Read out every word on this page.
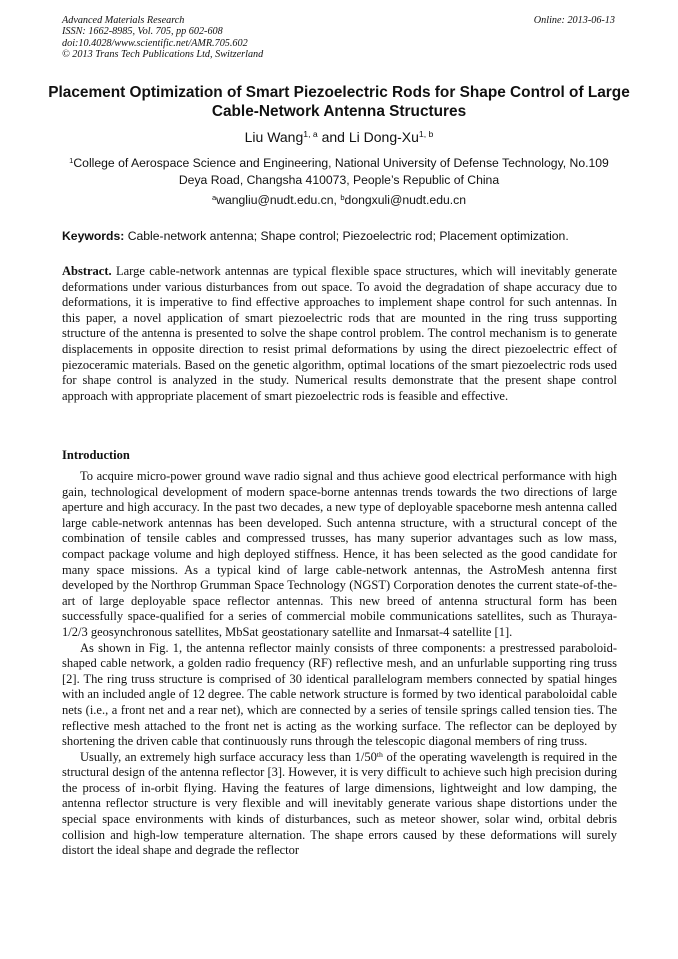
Advanced Materials Research
ISSN: 1662-8985, Vol. 705, pp 602-608
doi:10.4028/www.scientific.net/AMR.705.602
© 2013 Trans Tech Publications Ltd, Switzerland
Online: 2013-06-13
Placement Optimization of Smart Piezoelectric Rods for Shape Control of Large Cable-Network Antenna Structures
Liu Wang$^{1, a}$ and Li Dong-Xu$^{1, b}$
$^1$College of Aerospace Science and Engineering, National University of Defense Technology, No.109 Deya Road, Changsha 410073, People’s Republic of China
$^a$wangliu@nudt.edu.cn, $^b$dongxuli@nudt.edu.cn
Keywords: Cable-network antenna; Shape control; Piezoelectric rod; Placement optimization.
Abstract. Large cable-network antennas are typical flexible space structures, which will inevitably generate deformations under various disturbances from out space. To avoid the degradation of shape accuracy due to deformations, it is imperative to find effective approaches to implement shape control for such antennas. In this paper, a novel application of smart piezoelectric rods that are mounted in the ring truss supporting structure of the antenna is presented to solve the shape control problem. The control mechanism is to generate displacements in opposite direction to resist primal deformations by using the direct piezoelectric effect of piezoceramic materials. Based on the genetic algorithm, optimal locations of the smart piezoelectric rods used for shape control is analyzed in the study. Numerical results demonstrate that the present shape control approach with appropriate placement of smart piezoelectric rods is feasible and effective.
Introduction

To acquire micro-power ground wave radio signal and thus achieve good electrical performance with high gain, technological development of modern space-borne antennas trends towards the two directions of large aperture and high accuracy. In the past two decades, a new type of deployable spaceborne mesh antenna called large cable-network antennas has been developed. Such antenna structure, with a structural concept of the combination of tensile cables and compressed trusses, has many superior advantages such as low mass, compact package volume and high deployed stiffness. Hence, it has been selected as the good candidate for many space missions. As a typical kind of large cable-network antennas, the AstroMesh antenna first developed by the Northrop Grumman Space Technology (NGST) Corporation denotes the current state-of-the-art of large deployable space reflector antennas. This new breed of antenna structural form has been successfully space-qualified for a series of commercial mobile communications satellites, such as Thuraya-1/2/3 geosynchronous satellites, MbSat geostationary satellite and Inmarsat-4 satellite [1].

As shown in Fig. 1, the antenna reflector mainly consists of three components: a prestressed paraboloid-shaped cable network, a golden radio frequency (RF) reflective mesh, and an unfurlable supporting ring truss [2]. The ring truss structure is comprised of 30 identical parallelogram members connected by spatial hinges with an included angle of 12 degree. The cable network structure is formed by two identical paraboloidal cable nets (i.e., a front net and a rear net), which are connected by a series of tensile springs called tension ties. The reflective mesh attached to the front net is acting as the working surface. The reflector can be deployed by shortening the driven cable that continuously runs through the telescopic diagonal members of ring truss.

Usually, an extremely high surface accuracy less than 1/50th of the operating wavelength is required in the structural design of the antenna reflector [3]. However, it is very difficult to achieve such high precision during the process of in-orbit flying. Having the features of large dimensions, lightweight and low damping, the antenna reflector structure is very flexible and will inevitably generate various shape distortions under the special space environments with kinds of disturbances, such as meteor shower, solar wind, orbital debris collision and high-low temperature alternation. The shape errors caused by these deformations will surely distort the ideal shape and degrade the reflector
